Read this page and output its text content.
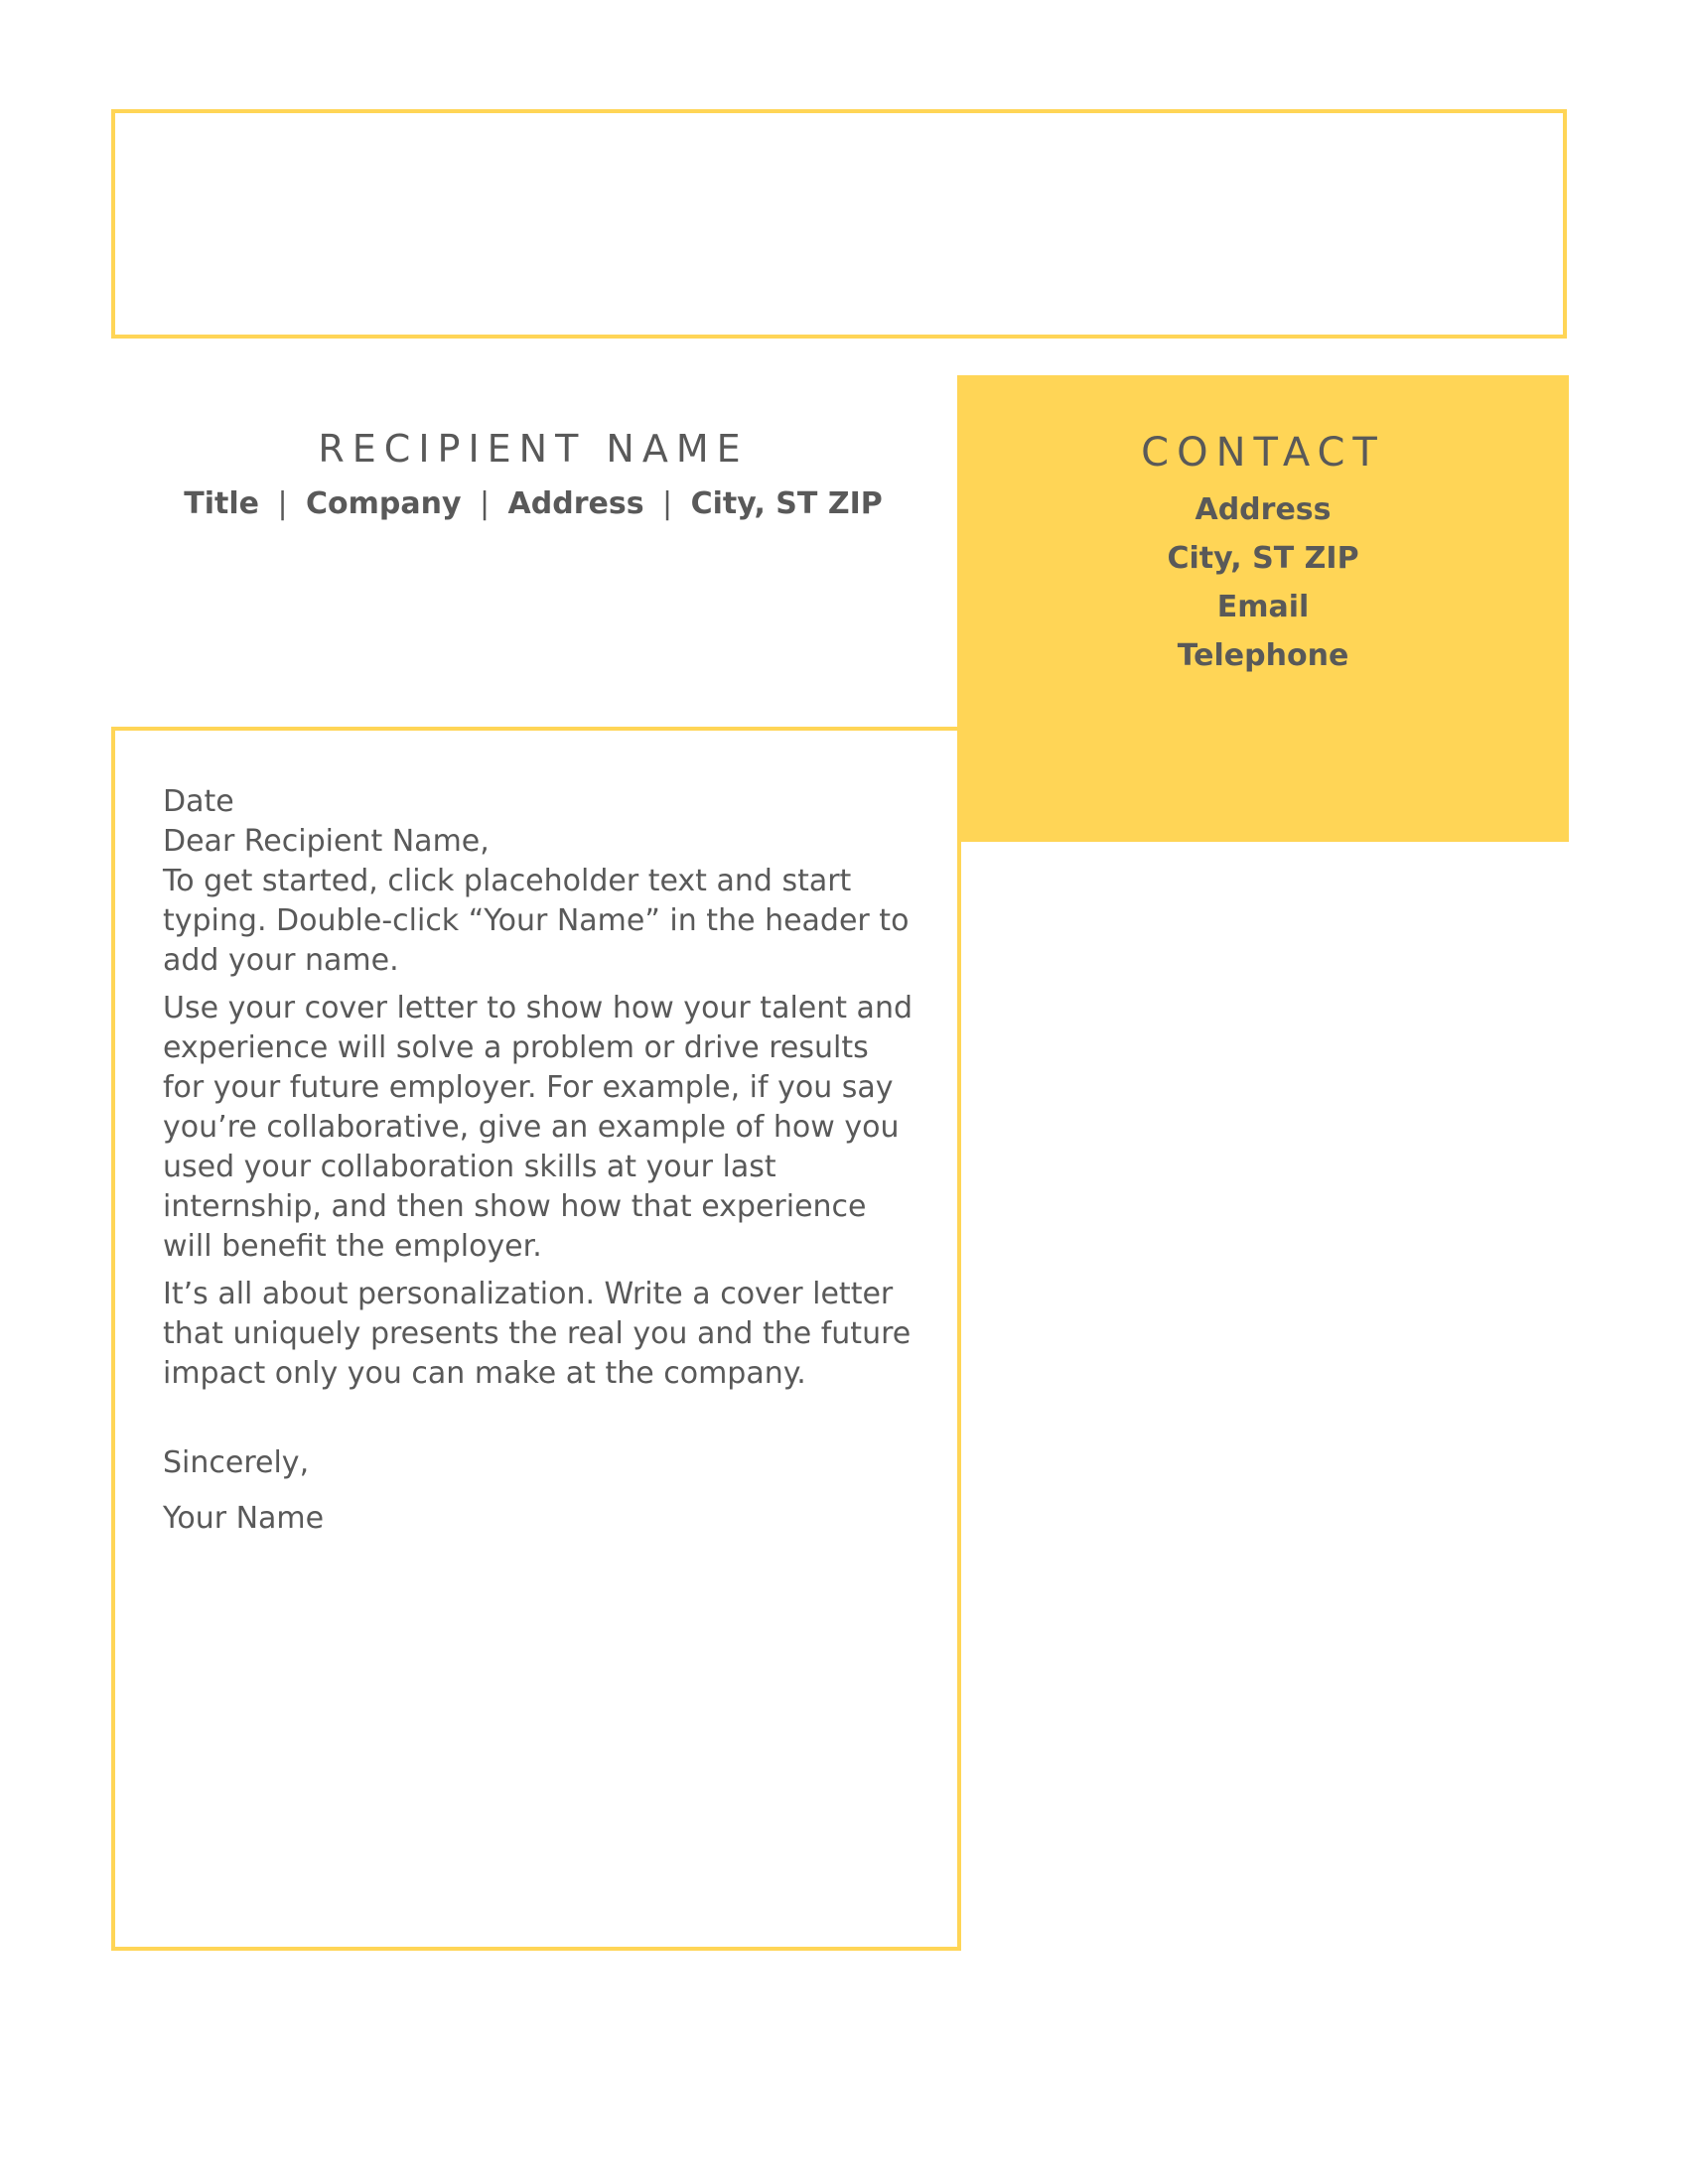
RECIPIENT NAME
Title | Company | Address | City, ST ZIP
CONTACT
Address
City, ST ZIP
Email
Telephone

Date

Dear Recipient Name,

To get started, click placeholder text and start typing. Double-click “Your Name” in the header to add your name.

Use your cover letter to show how your talent and experience will solve a problem or drive results for your future employer. For example, if you say you’re collaborative, give an example of how you used your collaboration skills at your last internship, and then show how that experience will benefit the employer.

It’s all about personalization. Write a cover letter that uniquely presents the real you and the future impact only you can make at the company.

Sincerely,

Your Name
